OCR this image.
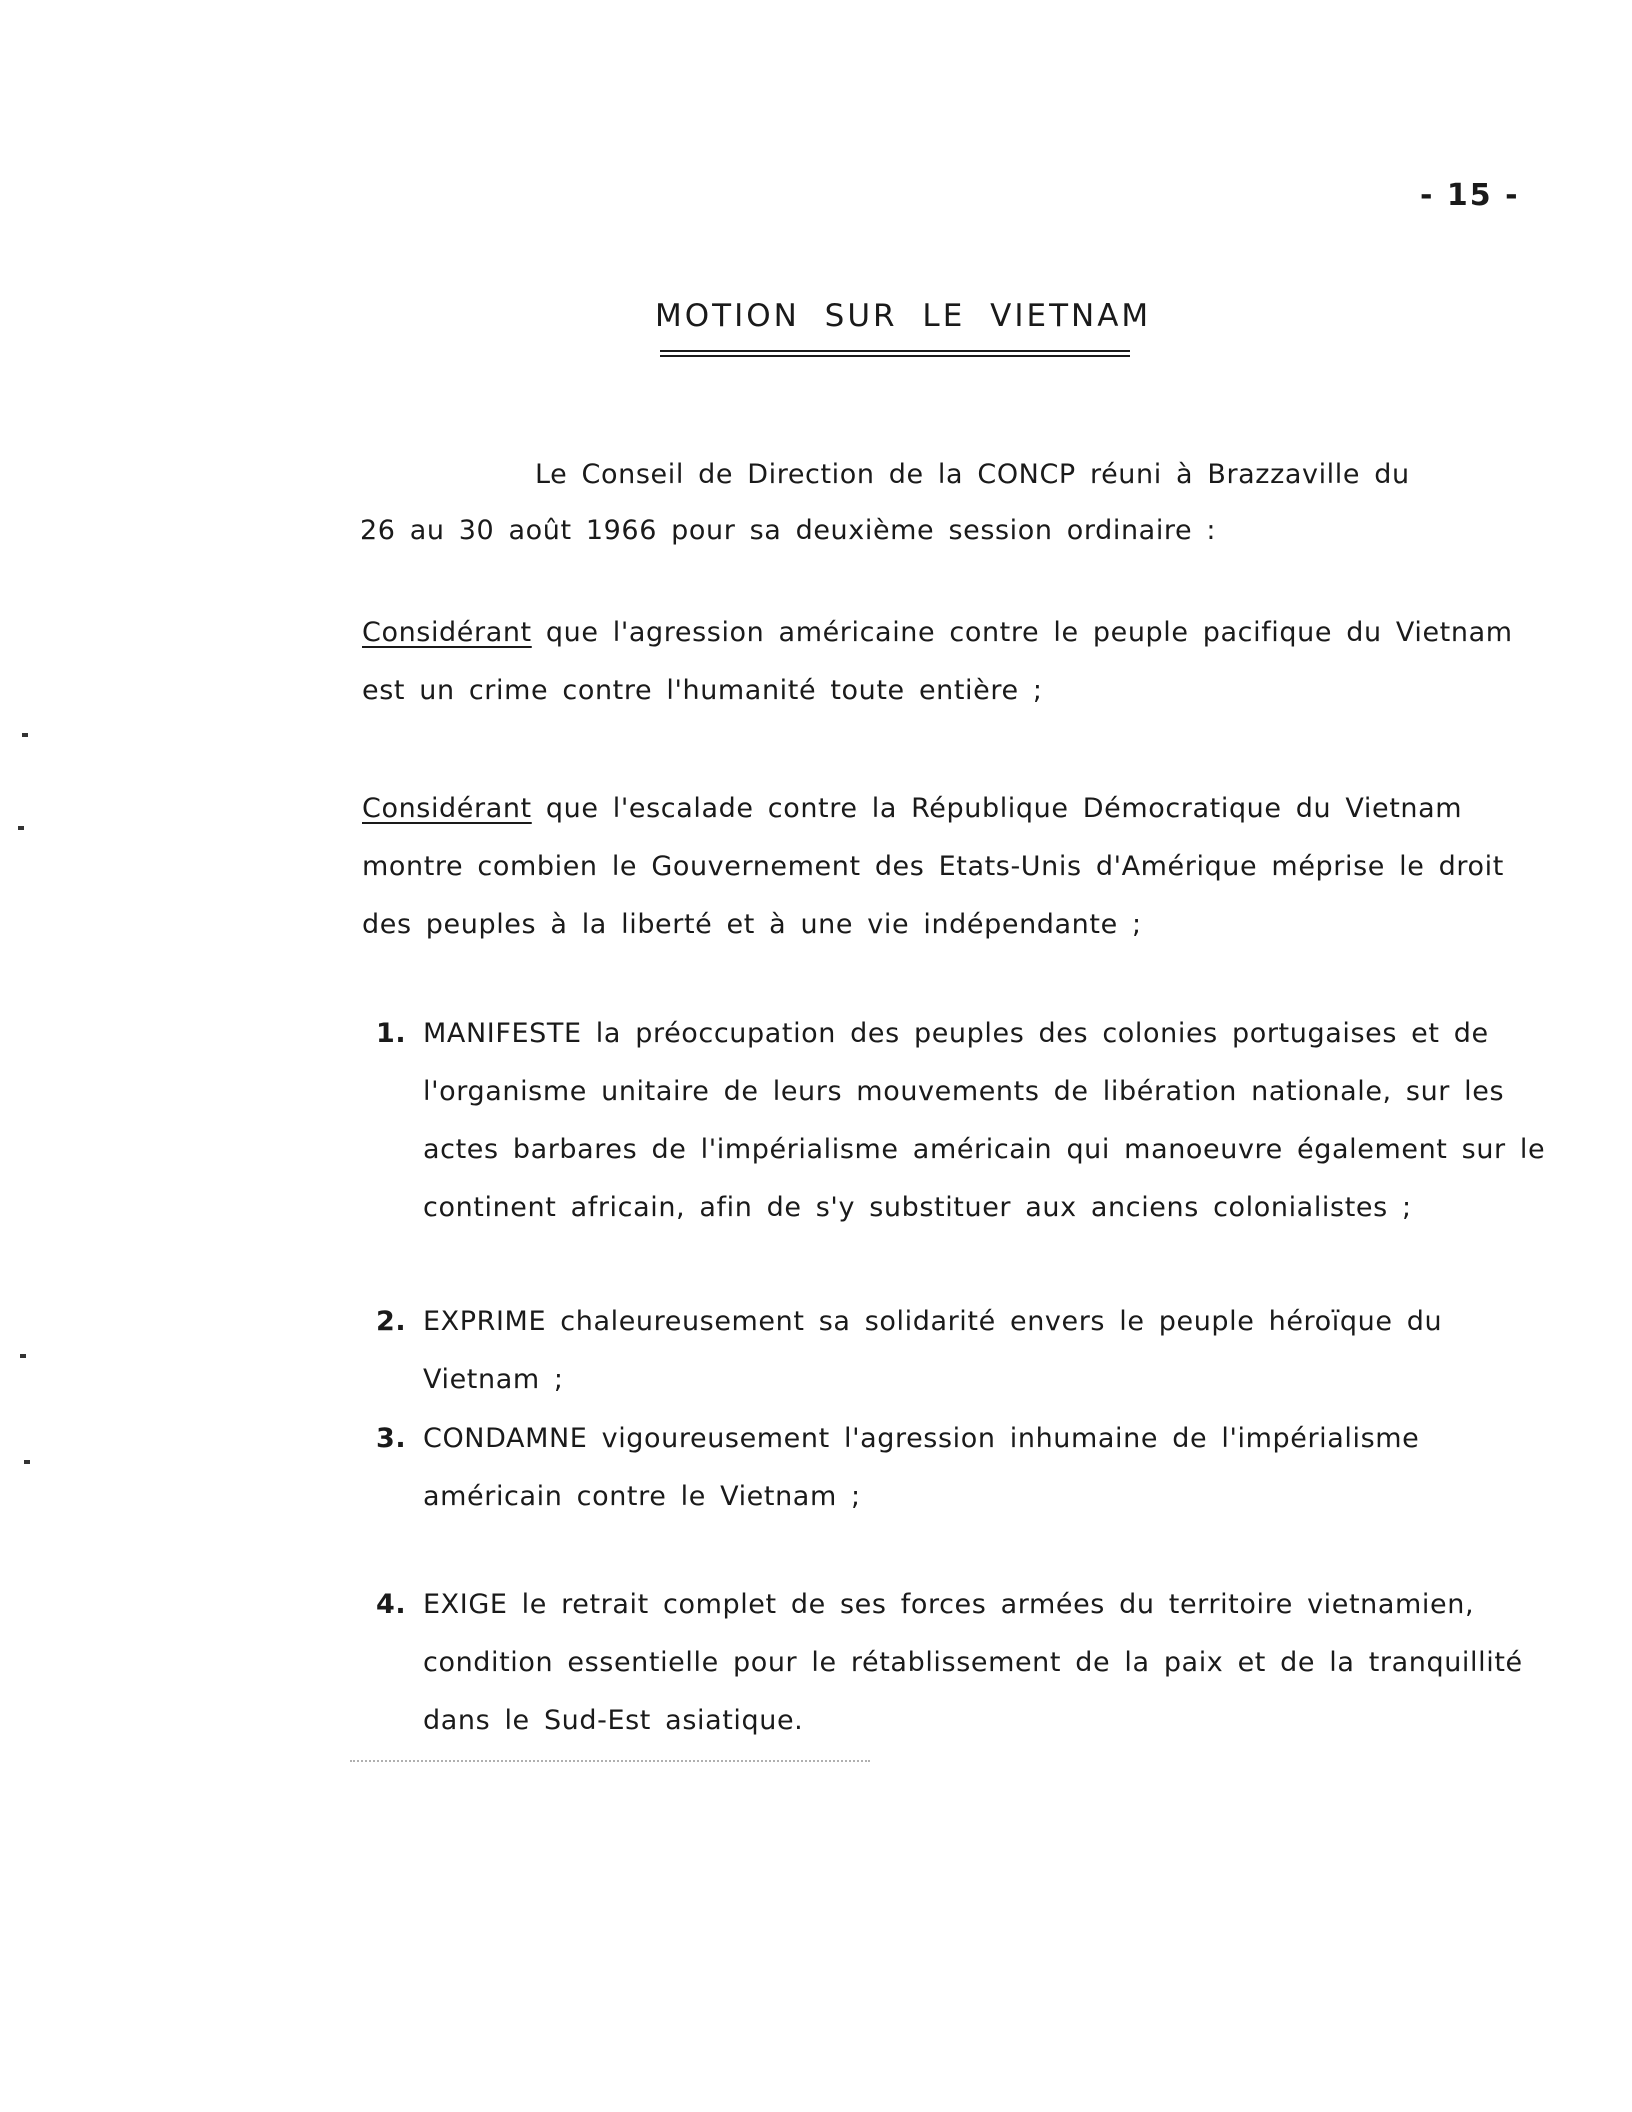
- 15 -
MOTION SUR LE VIETNAM
Le Conseil de Direction de la CONCP réuni à Brazzaville du
26 au 30 août 1966 pour sa deuxième session ordinaire :
Considérant que l'agression américaine contre le peuple pacifique du Vietnam est un crime contre l'humanité toute entière ;
Considérant que l'escalade contre la République Démocratique du Vietnam montre combien le Gouvernement des Etats-Unis d'Amérique méprise le droit des peuples à la liberté et à une vie indépendante ;
1. MANIFESTE la préoccupation des peuples des colonies portugaises et de l'organisme unitaire de leurs mouvements de libération nationale, sur les actes barbares de l'impérialisme américain qui manoeuvre également sur le continent africain, afin de s'y substituer aux anciens colonialistes ;
2. EXPRIME chaleureusement sa solidarité envers le peuple héroïque du Vietnam ;
3. CONDAMNE vigoureusement l'agression inhumaine de l'impérialisme américain contre le Vietnam ;
4. EXIGE le retrait complet de ses forces armées du territoire vietnamien, condition essentielle pour le rétablissement de la paix et de la tranquillité dans le Sud-Est asiatique.
